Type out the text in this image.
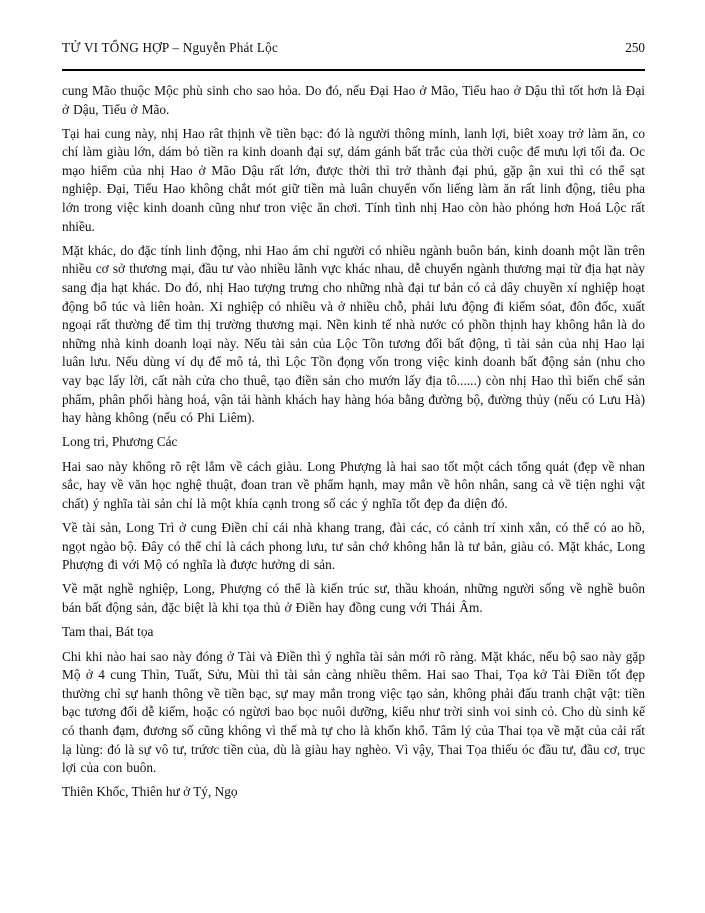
TỬ VI TỔNG HỢP – Nguyễn Phát Lộc	250

cung Mão thuộc Mộc phù sinh cho sao hỏa. Do đó, nếu Đại Hao ở Mão, Tiểu hao ở Dậu thì tốt hơn là Đại ở Dậu, Tiểu ở Mão.

Tại hai cung này, nhị Hao rât thịnh về tiền bạc: đó là người thông minh, lanh lợi, biêt xoay trở làm ăn, co chí làm giàu lớn, dám bỏ tiền ra kinh doanh đại sự, dám gánh bất trắc của thời cuộc để mưu lợi tối đa. Oc mạo hiểm của nhị Hao ở Mão Dậu rất lớn, được thời thì trở thành đại phú, gặp ận xui thì có thể sạt nghiệp. Đại, Tiểu Hao không chắt mót giữ tiền mà luân chuyển vốn liếng làm ăn rất linh động, tiêu pha lớn trong việc kinh doanh cũng như tron việc ăn chơi. Tính tình nhị Hao còn hào phóng hơn Hoá Lộc rất nhiều.

Mặt khác, do đặc tính linh động, nhi Hao ám chỉ người có nhiều ngành buôn bán, kinh doanh một lần trên nhiều cơ sở thương mại, đầu tư vào nhiều lãnh vực khác nhau, dễ chuyển ngành thương mại từ địa hạt này sang địa hạt khác. Do đó, nhị Hao tượng trưng cho những nhà đại tư bản có cả dây chuyền xí nghiệp hoạt động bổ túc và liên hoàn. Xi nghiệp có nhiều và ở nhiều chỗ, phải lưu động đi kiểm sóat, đôn đốc, xuất ngoại rất thường để tìm thị trường thương mại. Nền kinh tế nhà nước có phồn thịnh hay không hẳn là do những nhà kinh doanh loại này. Nếu tài sản của Lộc Tồn tương đối bất động, tì tài sản của nhị Hao lại luân lưu. Nếu dùng ví dụ để mô tả, thì Lộc Tồn đọng vốn trong việc kinh doanh bất động sản (nhu cho vay bạc lấy lời, cất nàh cửa cho thuê, tạo điền sản cho mướn lấy địa tô......) còn nhị Hao thì biến chế sản phẩm, phân phối hàng hoá, vận tải hành khách hay hàng hóa bằng đường bộ, đường thủy (nếu có Lưu Hà) hay hàng không (nếu có Phi Liêm).

Long trì, Phương Các

Hai sao này không rõ rệt lắm về cách giàu. Long Phượng là hai sao tốt một cách tổng quát (đẹp về nhan sắc, hay về văn học nghệ thuật, đoan tran về phẩm hạnh, may mắn về hôn nhân, sang cả về tiện nghi vật chất) ý nghĩa tài sản chỉ là một khía cạnh trong số các ý nghĩa tốt đẹp đa diện đó.

Về tài sản, Long Trì ở cung Điền chỉ cái nhà khang trang, đài các, có cảnh trí xinh xắn, có thể có ao hồ, ngọt ngào bộ. Đây có thể chỉ là cách phong lưu, tư sản chớ không hẳn là tư bản, giàu có. Mặt khác, Long Phượng đi với Mộ có nghĩa là được hưởng di sản.

Về mặt nghề nghiệp, Long, Phượng có thể là kiến trúc sư, thầu khoán, những người sống về nghề buôn bán bất động sản, đặc biệt là khi tọa thủ ở Điền hay đồng cung với Thái Âm.

Tam thai, Bát tọa

Chi khi nào hai sao này đóng ở Tài và Điền thì ý nghĩa tài sản mới rõ ràng. Mặt khác, nếu bộ sao này gặp Mộ ở 4 cung Thìn, Tuất, Sửu, Mùi thì tài sản càng nhiều thêm. Hai sao Thai, Tọa kở Tài Điền tốt đẹp thường chỉ sự hanh thông về tiền bạc, sự may mắn trong việc tạo sản, không phải đấu tranh chật vật: tiền bạc tương đối dễ kiếm, hoặc có ngừơi bao bọc nuôi dưỡng, kiểu như trời sinh voi sinh cỏ. Cho dù sinh kế có thanh đạm, đương số cũng không vì thế mà tự cho là khốn khổ. Tâm lý của Thai tọa về mặt của cải rất lạ lùng: đó là sự vô tư, trứơc tiền của, dù là giàu hay nghèo. Vì vậy, Thai Tọa thiếu óc đầu tư, đầu cơ, trục lợi của con buôn.

Thiên Khốc, Thiên hư ở Tý, Ngọ
